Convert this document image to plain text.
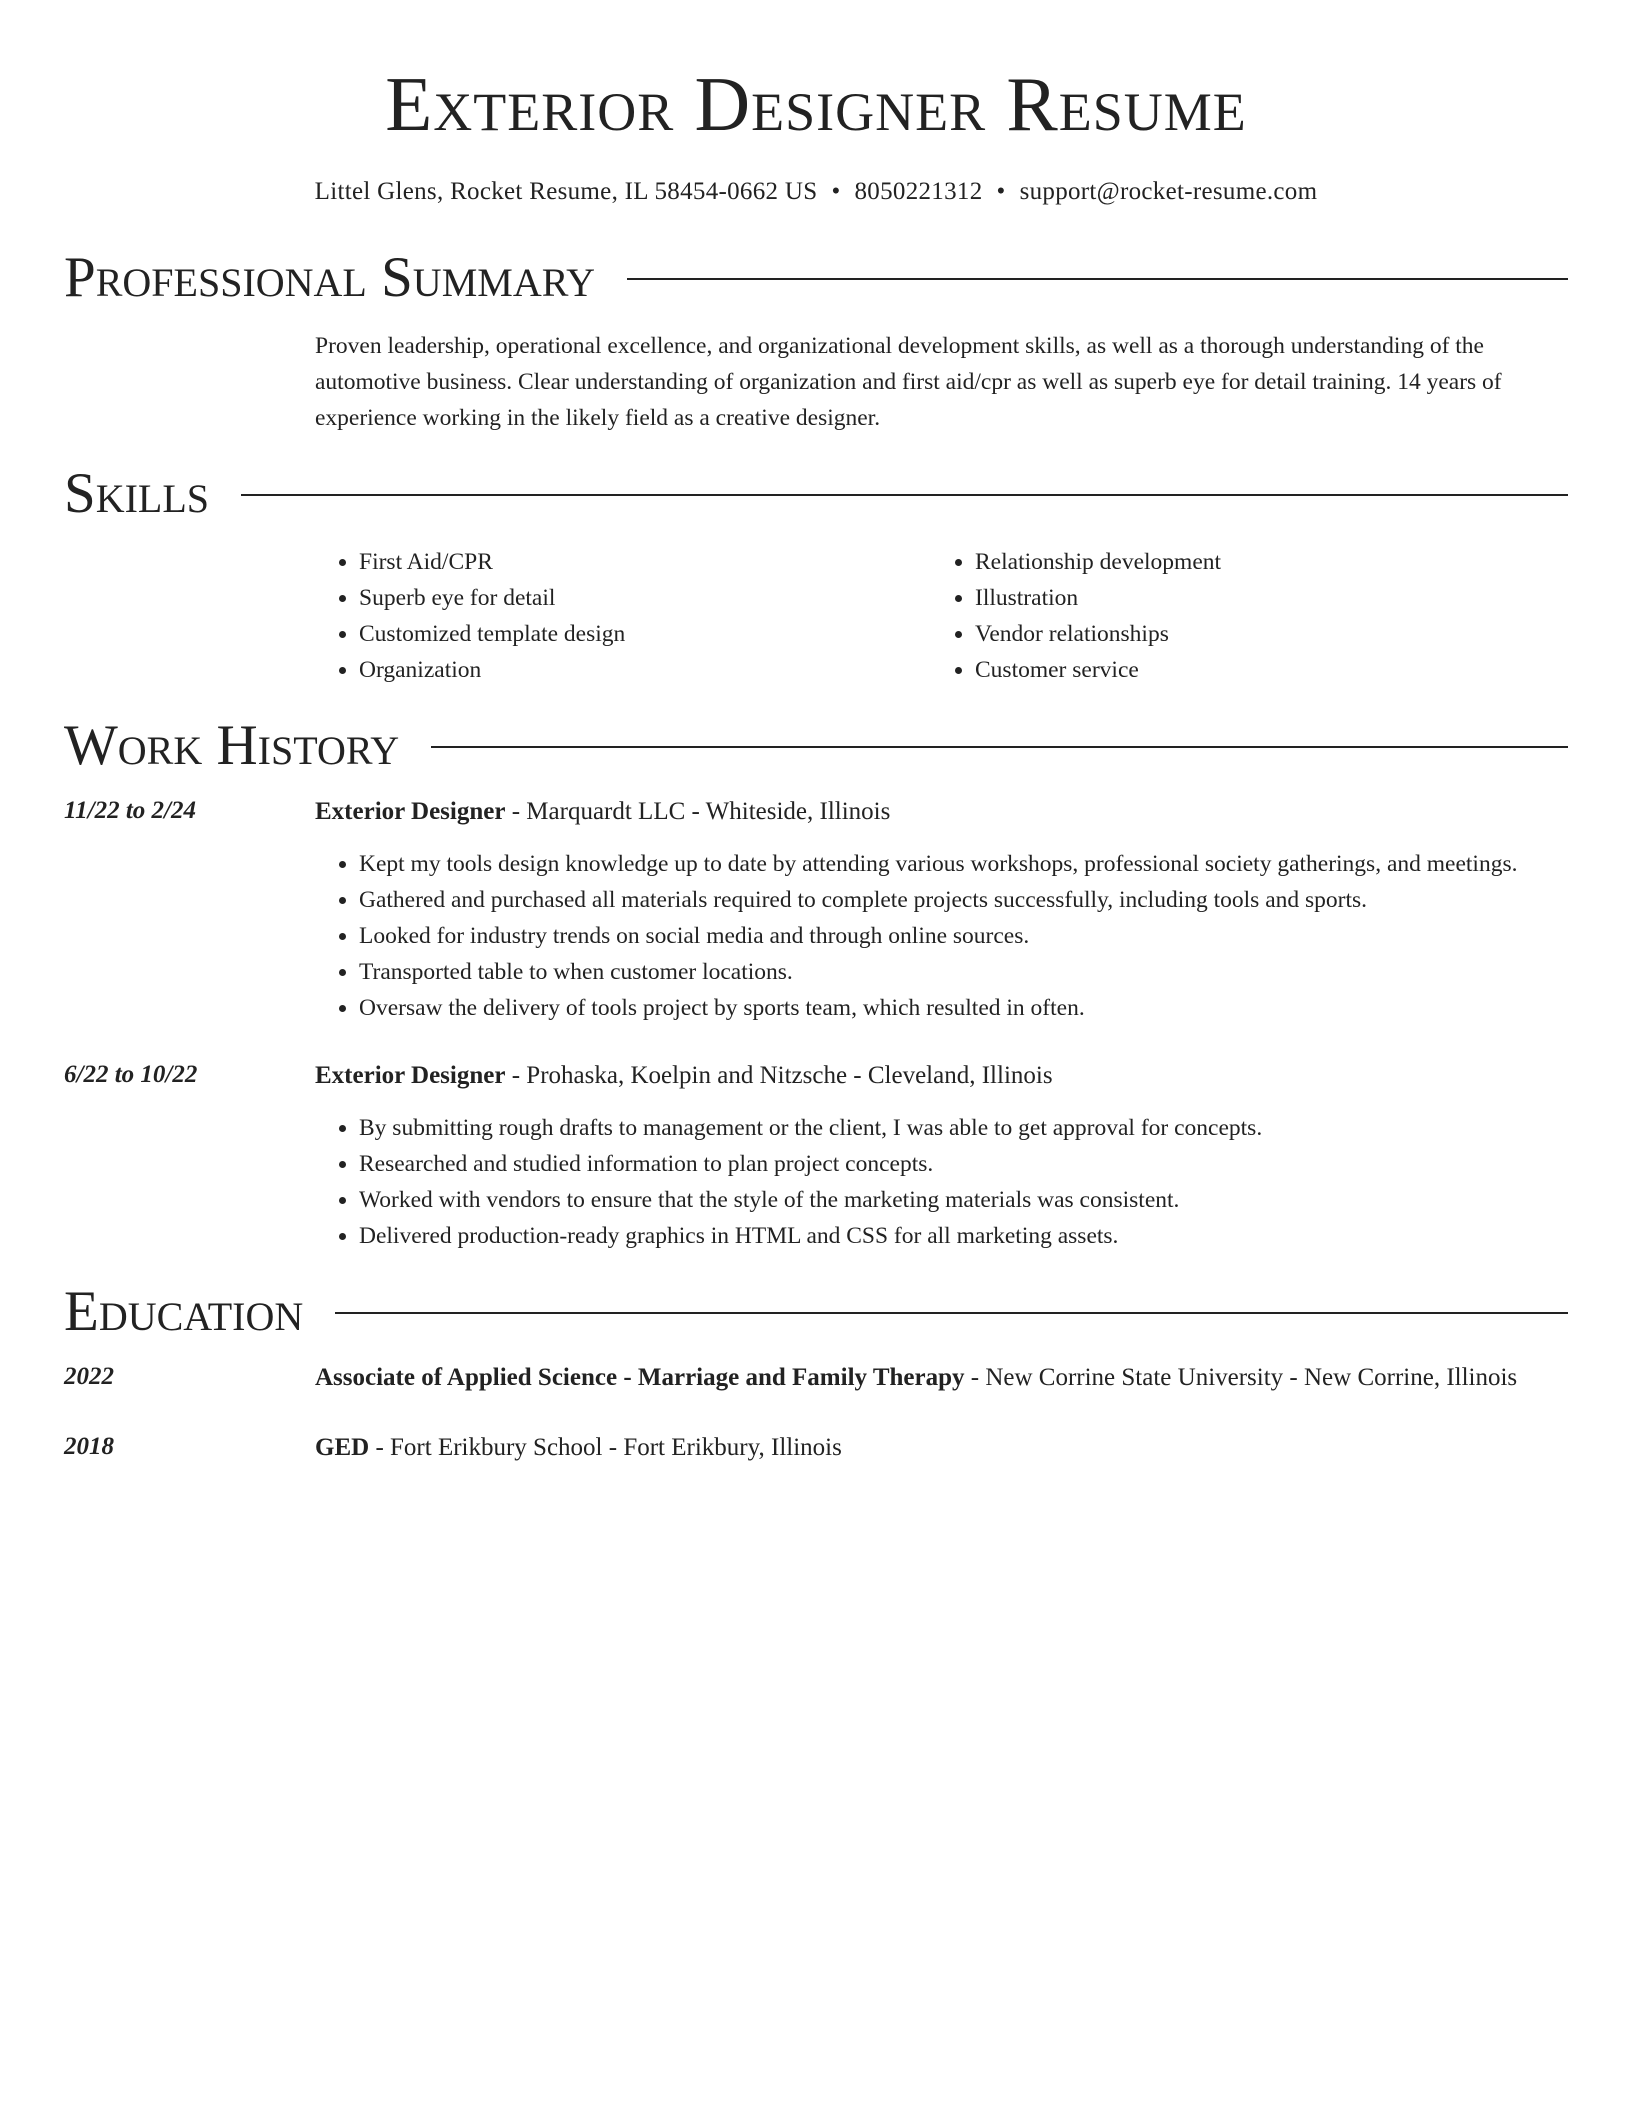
Exterior Designer Resume
Littel Glens, Rocket Resume, IL 58454-0662 US • 8050221312 • support@rocket-resume.com
Professional Summary
Proven leadership, operational excellence, and organizational development skills, as well as a thorough understanding of the automotive business. Clear understanding of organization and first aid/cpr as well as superb eye for detail training. 14 years of experience working in the likely field as a creative designer.
Skills
• First Aid/CPR
• Superb eye for detail
• Customized template design
• Organization
• Relationship development
• Illustration
• Vendor relationships
• Customer service
Work History
11/22 to 2/24	Exterior Designer - Marquardt LLC - Whiteside, Illinois
• Kept my tools design knowledge up to date by attending various workshops, professional society gatherings, and meetings.
• Gathered and purchased all materials required to complete projects successfully, including tools and sports.
• Looked for industry trends on social media and through online sources.
• Transported table to when customer locations.
• Oversaw the delivery of tools project by sports team, which resulted in often.
6/22 to 10/22	Exterior Designer - Prohaska, Koelpin and Nitzsche - Cleveland, Illinois
• By submitting rough drafts to management or the client, I was able to get approval for concepts.
• Researched and studied information to plan project concepts.
• Worked with vendors to ensure that the style of the marketing materials was consistent.
• Delivered production-ready graphics in HTML and CSS for all marketing assets.
Education
2022	Associate of Applied Science - Marriage and Family Therapy - New Corrine State University - New Corrine, Illinois
2018	GED - Fort Erikbury School - Fort Erikbury, Illinois
